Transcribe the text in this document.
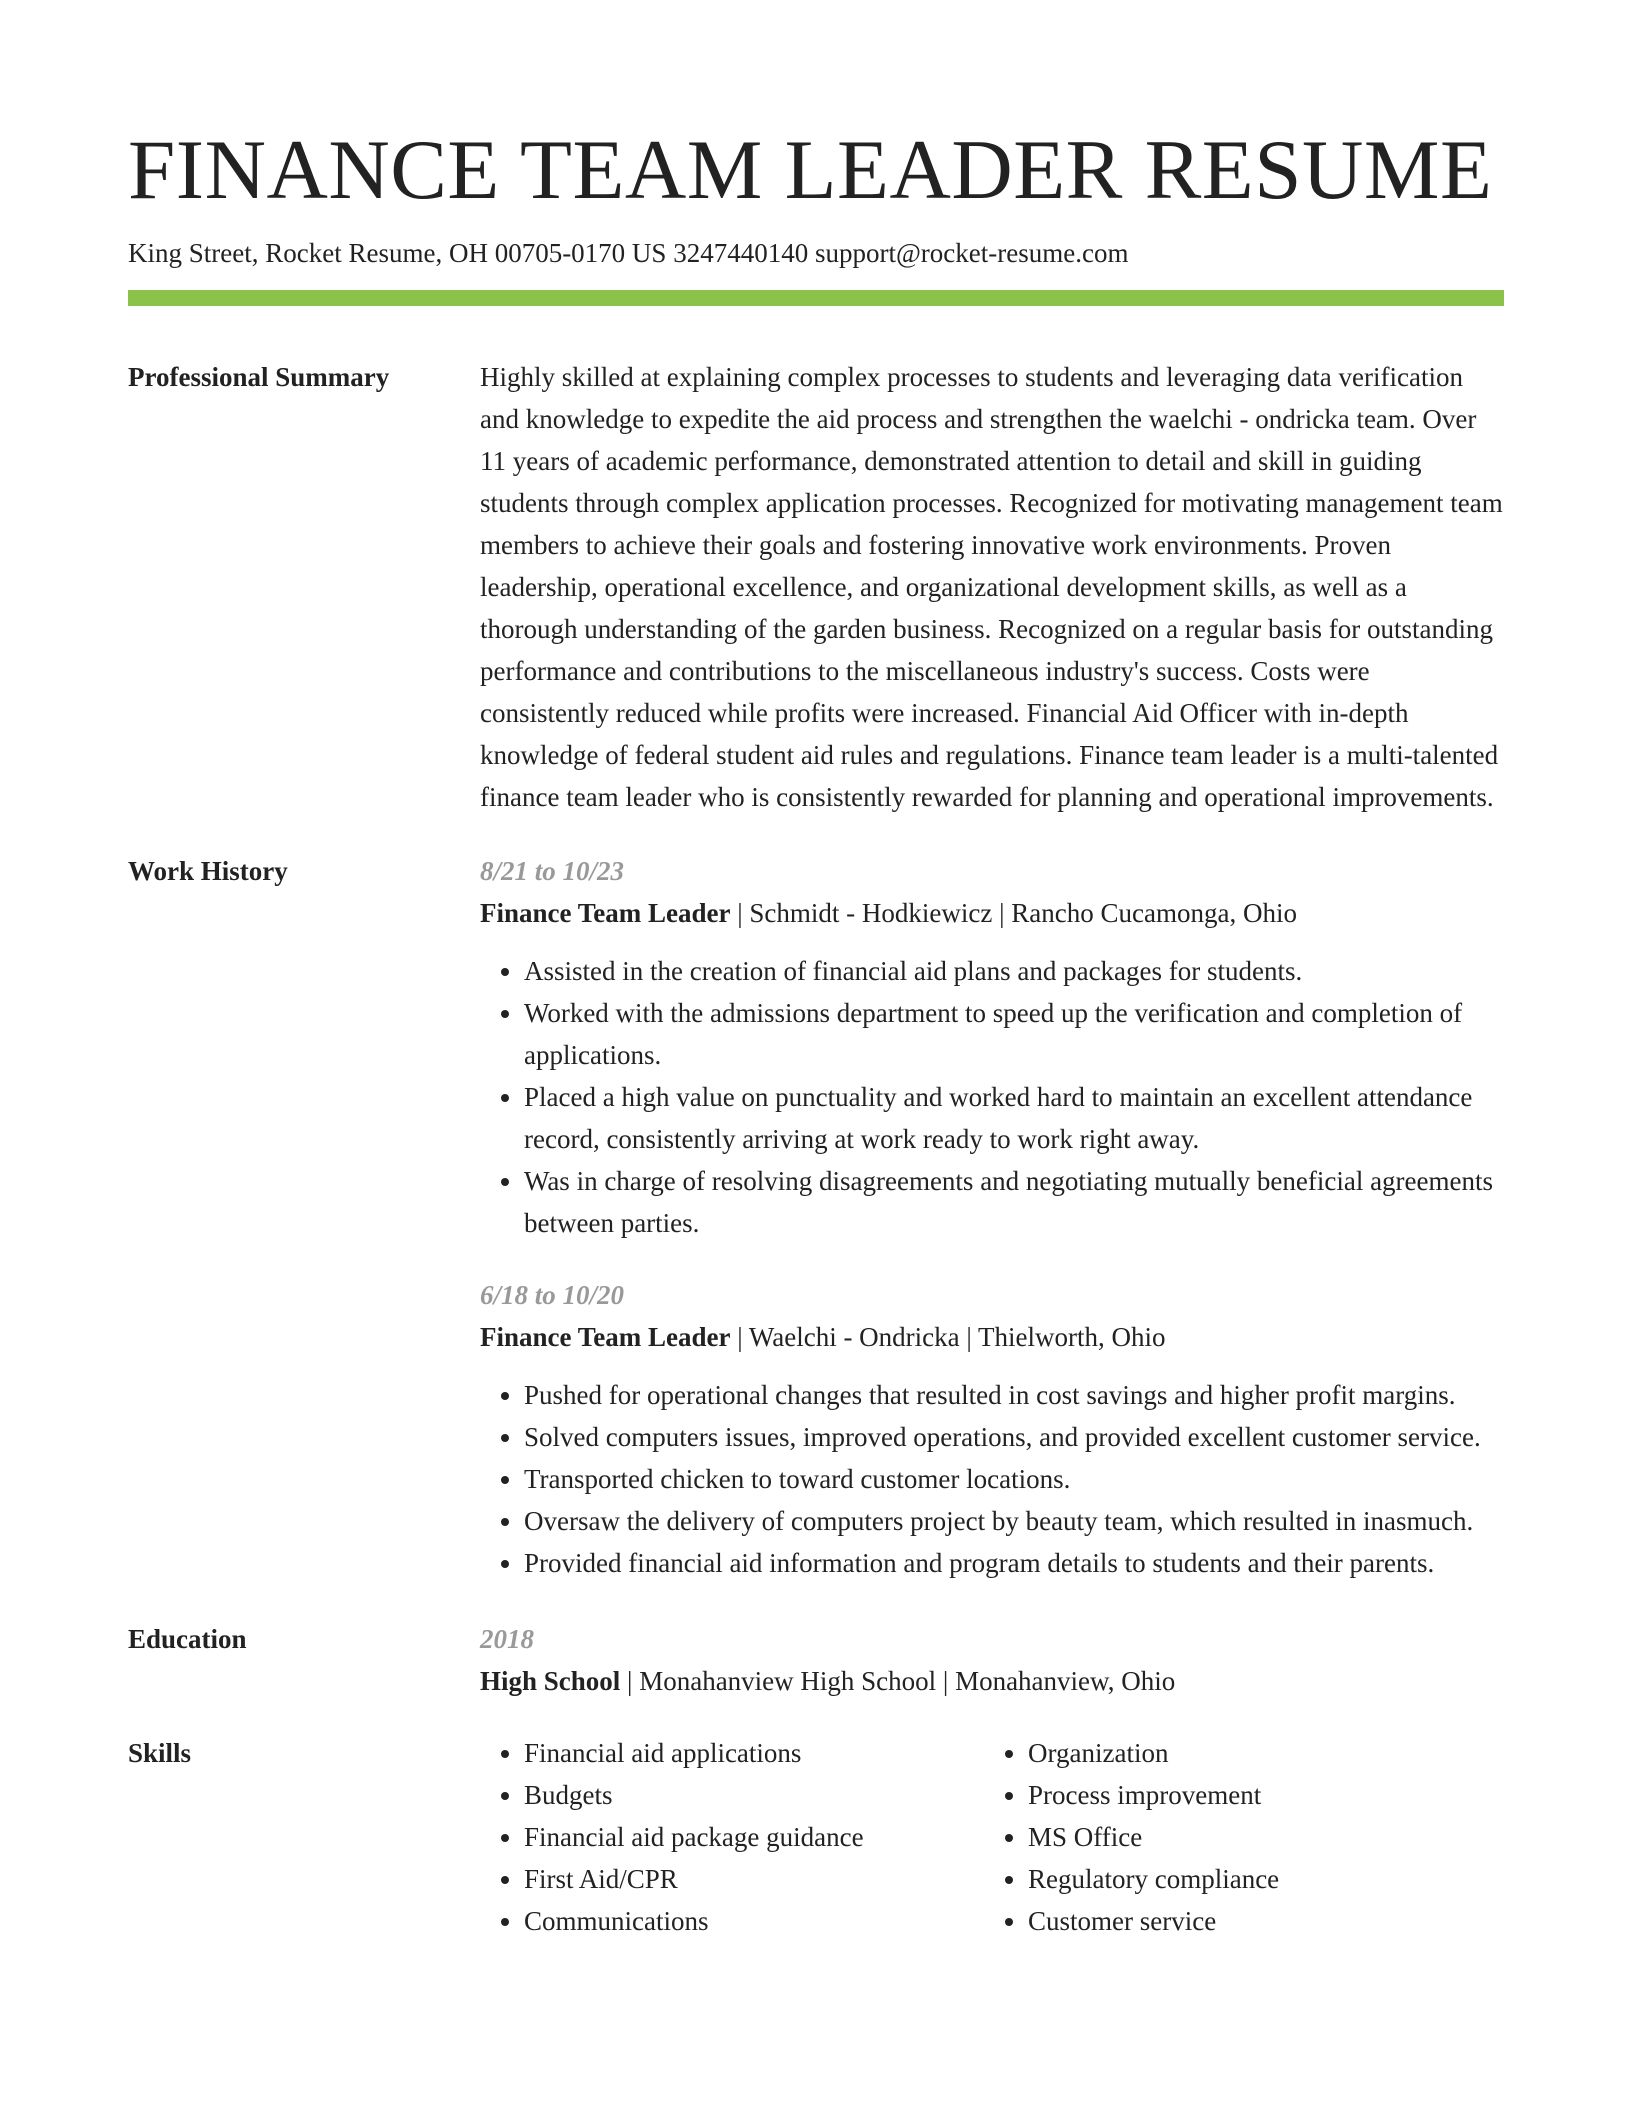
FINANCE TEAM LEADER RESUME
King Street, Rocket Resume, OH 00705-0170 US 3247440140 support@rocket-resume.com
Professional Summary	Highly skilled at explaining complex processes to students and leveraging data verification and knowledge to expedite the aid process and strengthen the waelchi - ondricka team. Over 11 years of academic performance, demonstrated attention to detail and skill in guiding students through complex application processes. Recognized for motivating management team members to achieve their goals and fostering innovative work environments. Proven leadership, operational excellence, and organizational development skills, as well as a thorough understanding of the garden business. Recognized on a regular basis for outstanding performance and contributions to the miscellaneous industry's success. Costs were consistently reduced while profits were increased. Financial Aid Officer with in-depth knowledge of federal student aid rules and regulations. Finance team leader is a multi-talented finance team leader who is consistently rewarded for planning and operational improvements.

Work History	8/21 to 10/23
Finance Team Leader | Schmidt - Hodkiewicz | Rancho Cucamonga, Ohio
• Assisted in the creation of financial aid plans and packages for students.
• Worked with the admissions department to speed up the verification and completion of applications.
• Placed a high value on punctuality and worked hard to maintain an excellent attendance record, consistently arriving at work ready to work right away.
• Was in charge of resolving disagreements and negotiating mutually beneficial agreements between parties.
6/18 to 10/20
Finance Team Leader | Waelchi - Ondricka | Thielworth, Ohio
• Pushed for operational changes that resulted in cost savings and higher profit margins.
• Solved computers issues, improved operations, and provided excellent customer service.
• Transported chicken to toward customer locations.
• Oversaw the delivery of computers project by beauty team, which resulted in inasmuch.
• Provided financial aid information and program details to students and their parents.
Education	2018
High School | Monahanview High School | Monahanview, Ohio
Skills
•	Financial aid applications
• Budgets
• Financial aid package guidance
• First Aid/CPR
• Communications
• Organization
• Process improvement
• MS Office
• Regulatory compliance
• Customer service
